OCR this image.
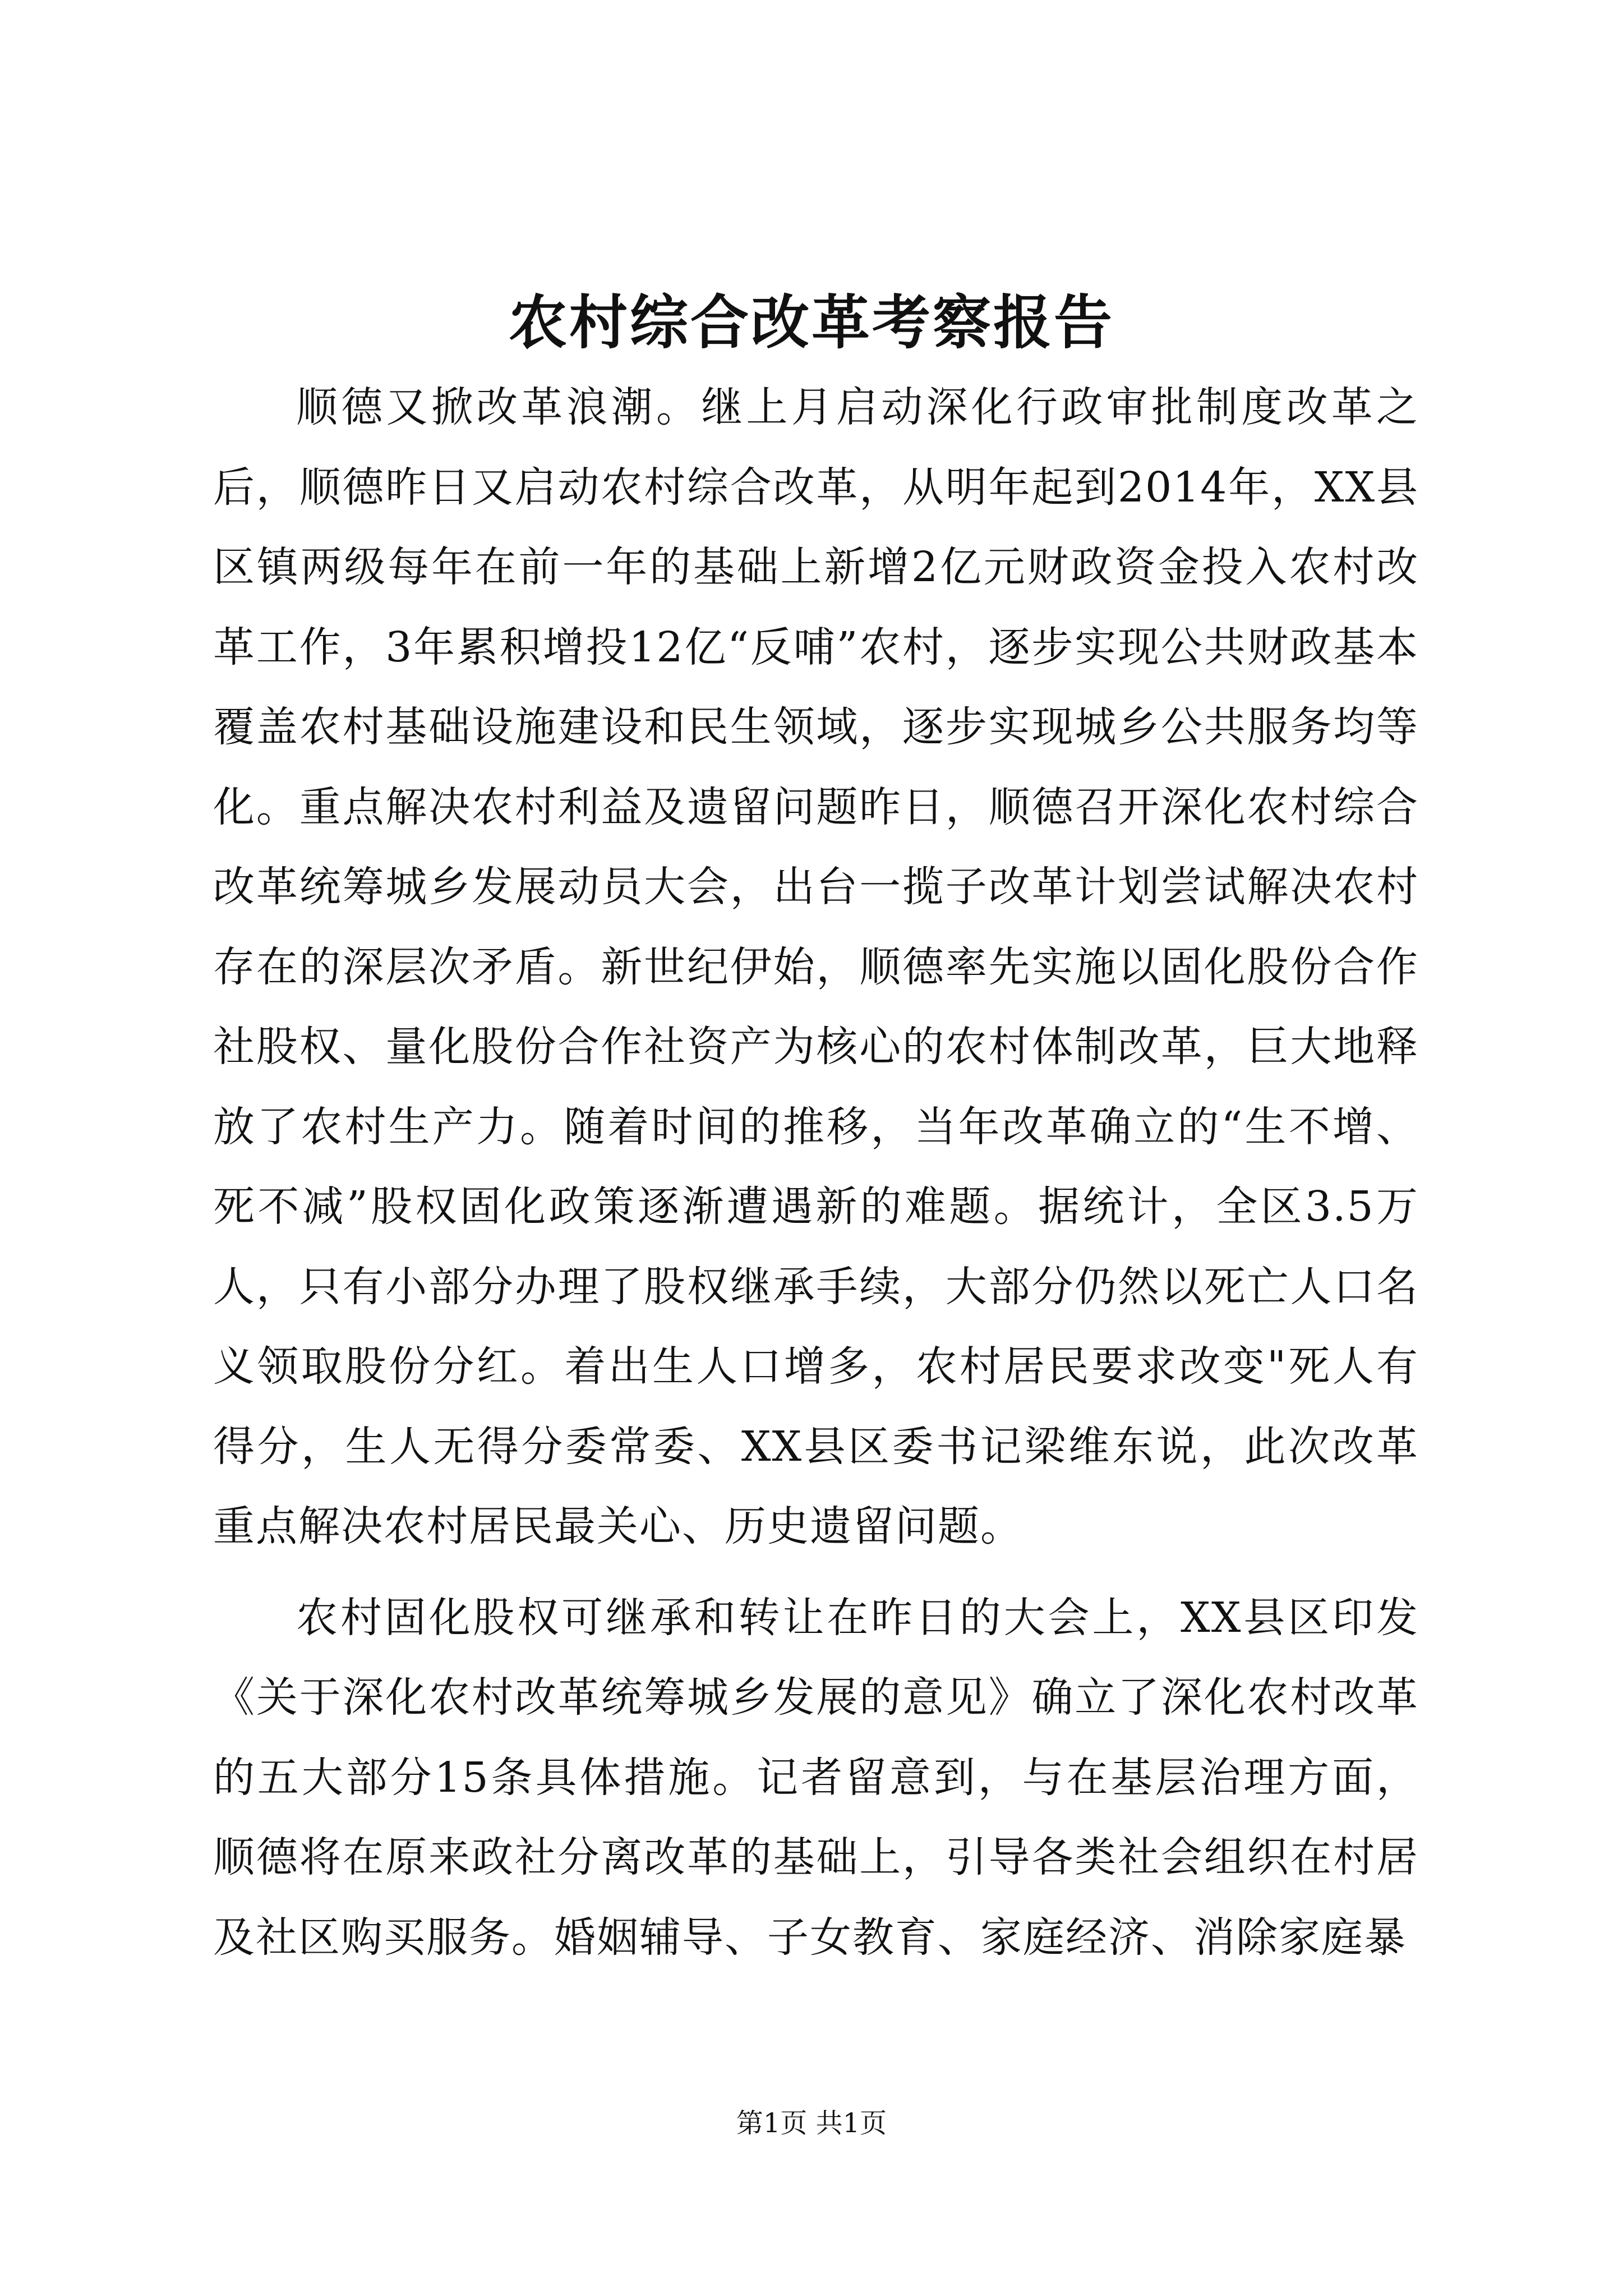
农村综合改革考察报告

顺德又掀改革浪潮。继上月启动深化行政审批制度改革之后，顺德昨日又启动农村综合改革，从明年起到2014年，XX县区镇两级每年在前一年的基础上新增2亿元财政资金投入农村改革工作，3年累积增投12亿“反哺”农村，逐步实现公共财政基本覆盖农村基础设施建设和民生领域，逐步实现城乡公共服务均等化。重点解决农村利益及遗留问题昨日，顺德召开深化农村综合改革统筹城乡发展动员大会，出台一揽子改革计划尝试解决农村存在的深层次矛盾。新世纪伊始，顺德率先实施以固化股份合作社股权、量化股份合作社资产为核心的农村体制改革，巨大地释放了农村生产力。随着时间的推移，当年改革确立的“生不增、死不减”股权固化政策逐渐遭遇新的难题。据统计，全区3.5万人，只有小部分办理了股权继承手续，大部分仍然以死亡人口名义领取股份分红。着出生人口增多，农村居民要求改变"死人有得分，生人无得分委常委、XX县区委书记梁维东说，此次改革重点解决农村居民最关心、历史遗留问题。

农村固化股权可继承和转让在昨日的大会上，XX县区印发《关于深化农村改革统筹城乡发展的意见》确立了深化农村改革的五大部分15条具体措施。记者留意到，与在基层治理方面，顺德将在原来政社分离改革的基础上，引导各类社会组织在村居及社区购买服务。婚姻辅导、子女教育、家庭经济、消除家庭暴

第1页 共1页
